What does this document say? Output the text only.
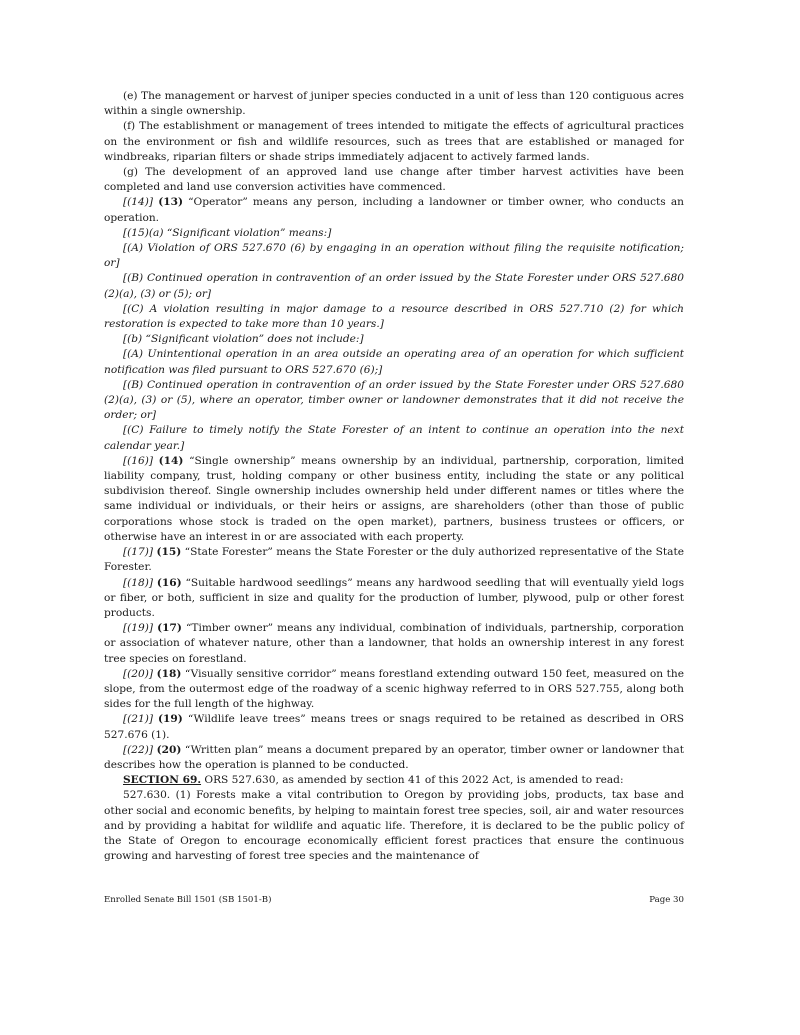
(e) The management or harvest of juniper species conducted in a unit of less than 120 contiguous acres within a single ownership.

(f) The establishment or management of trees intended to mitigate the effects of agricultural practices on the environment or fish and wildlife resources, such as trees that are established or managed for windbreaks, riparian filters or shade strips immediately adjacent to actively farmed lands.

(g) The development of an approved land use change after timber harvest activities have been completed and land use conversion activities have commenced.

[(14)] (13) “Operator” means any person, including a landowner or timber owner, who conducts an operation.

[(15)(a) “Significant violation” means:]

[(A) Violation of ORS 527.670 (6) by engaging in an operation without filing the requisite notification; or]

[(B) Continued operation in contravention of an order issued by the State Forester under ORS 527.680 (2)(a), (3) or (5); or]

[(C) A violation resulting in major damage to a resource described in ORS 527.710 (2) for which restoration is expected to take more than 10 years.]

[(b) “Significant violation” does not include:]

[(A) Unintentional operation in an area outside an operating area of an operation for which sufficient notification was filed pursuant to ORS 527.670 (6);]

[(B) Continued operation in contravention of an order issued by the State Forester under ORS 527.680 (2)(a), (3) or (5), where an operator, timber owner or landowner demonstrates that it did not receive the order; or]

[(C) Failure to timely notify the State Forester of an intent to continue an operation into the next calendar year.]

[(16)] (14) “Single ownership” means ownership by an individual, partnership, corporation, limited liability company, trust, holding company or other business entity, including the state or any political subdivision thereof. Single ownership includes ownership held under different names or titles where the same individual or individuals, or their heirs or assigns, are shareholders (other than those of public corporations whose stock is traded on the open market), partners, business trustees or officers, or otherwise have an interest in or are associated with each property.

[(17)] (15) “State Forester” means the State Forester or the duly authorized representative of the State Forester.

[(18)] (16) “Suitable hardwood seedlings” means any hardwood seedling that will eventually yield logs or fiber, or both, sufficient in size and quality for the production of lumber, plywood, pulp or other forest products.

[(19)] (17) “Timber owner” means any individual, combination of individuals, partnership, corporation or association of whatever nature, other than a landowner, that holds an ownership interest in any forest tree species on forestland.

[(20)] (18) “Visually sensitive corridor” means forestland extending outward 150 feet, measured on the slope, from the outermost edge of the roadway of a scenic highway referred to in ORS 527.755, along both sides for the full length of the highway.

[(21)] (19) “Wildlife leave trees” means trees or snags required to be retained as described in ORS 527.676 (1).

[(22)] (20) “Written plan” means a document prepared by an operator, timber owner or landowner that describes how the operation is planned to be conducted.

SECTION 69. ORS 527.630, as amended by section 41 of this 2022 Act, is amended to read:

527.630. (1) Forests make a vital contribution to Oregon by providing jobs, products, tax base and other social and economic benefits, by helping to maintain forest tree species, soil, air and water resources and by providing a habitat for wildlife and aquatic life. Therefore, it is declared to be the public policy of the State of Oregon to encourage economically efficient forest practices that ensure the continuous growing and harvesting of forest tree species and the maintenance of

Enrolled Senate Bill 1501 (SB 1501-B)	Page 30
